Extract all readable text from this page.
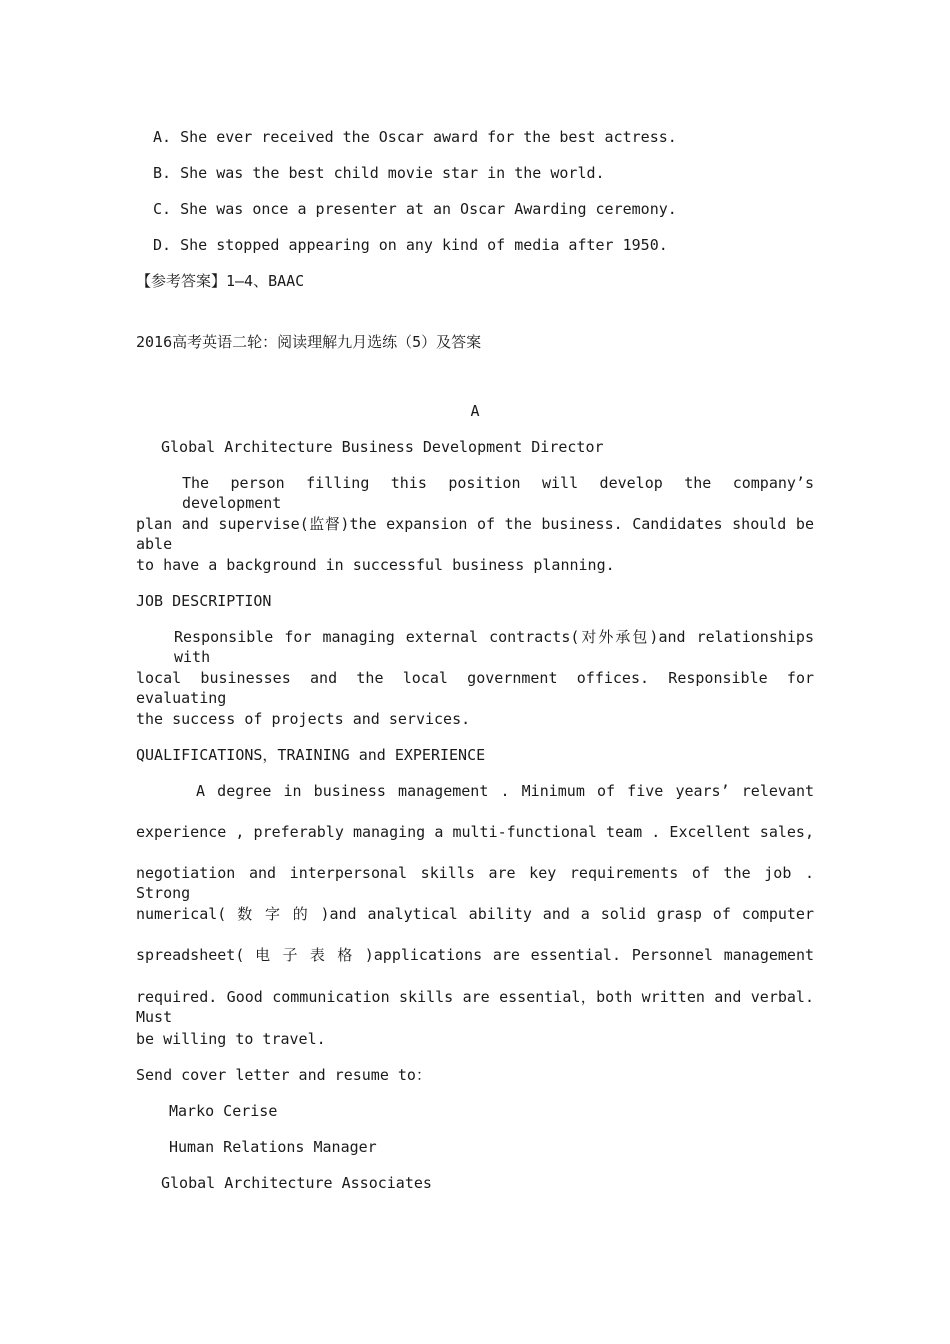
A. She ever received the Oscar award for the best actress.
B. She was the best child movie star in the world.
C. She was once a presenter at an Oscar Awarding ceremony.
D. She stopped appearing on any kind of media after 1950.
【参考答案】1—4、BAAC
2016高考英语二轮：阅读理解九月选练（5）及答案
A
Global Architecture Business Development Director
The person filling this position will develop the company’s development
plan and supervise(监督)the expansion of the business. Candidates should be able
to have a background in successful business planning.
JOB DESCRIPTION
Responsible for managing external contracts(对外承包)and relationships with
local businesses and the local government offices. Responsible for evaluating
the success of projects and services.
QUALIFICATIONS，TRAINING and EXPERIENCE
A degree in business management . Minimum of five years’ relevant
experience , preferably managing a multi-functional team . Excellent sales,
negotiation and interpersonal skills are key requirements of the job . Strong
numerical( 数 字 的 )and analytical ability and a solid grasp of computer
spreadsheet( 电 子 表 格 )applications are essential. Personnel management
required. Good communication skills are essential，both written and verbal. Must
be willing to travel.
Send cover letter and resume to：
Marko Cerise
Human Relations Manager
Global Architecture Associates
